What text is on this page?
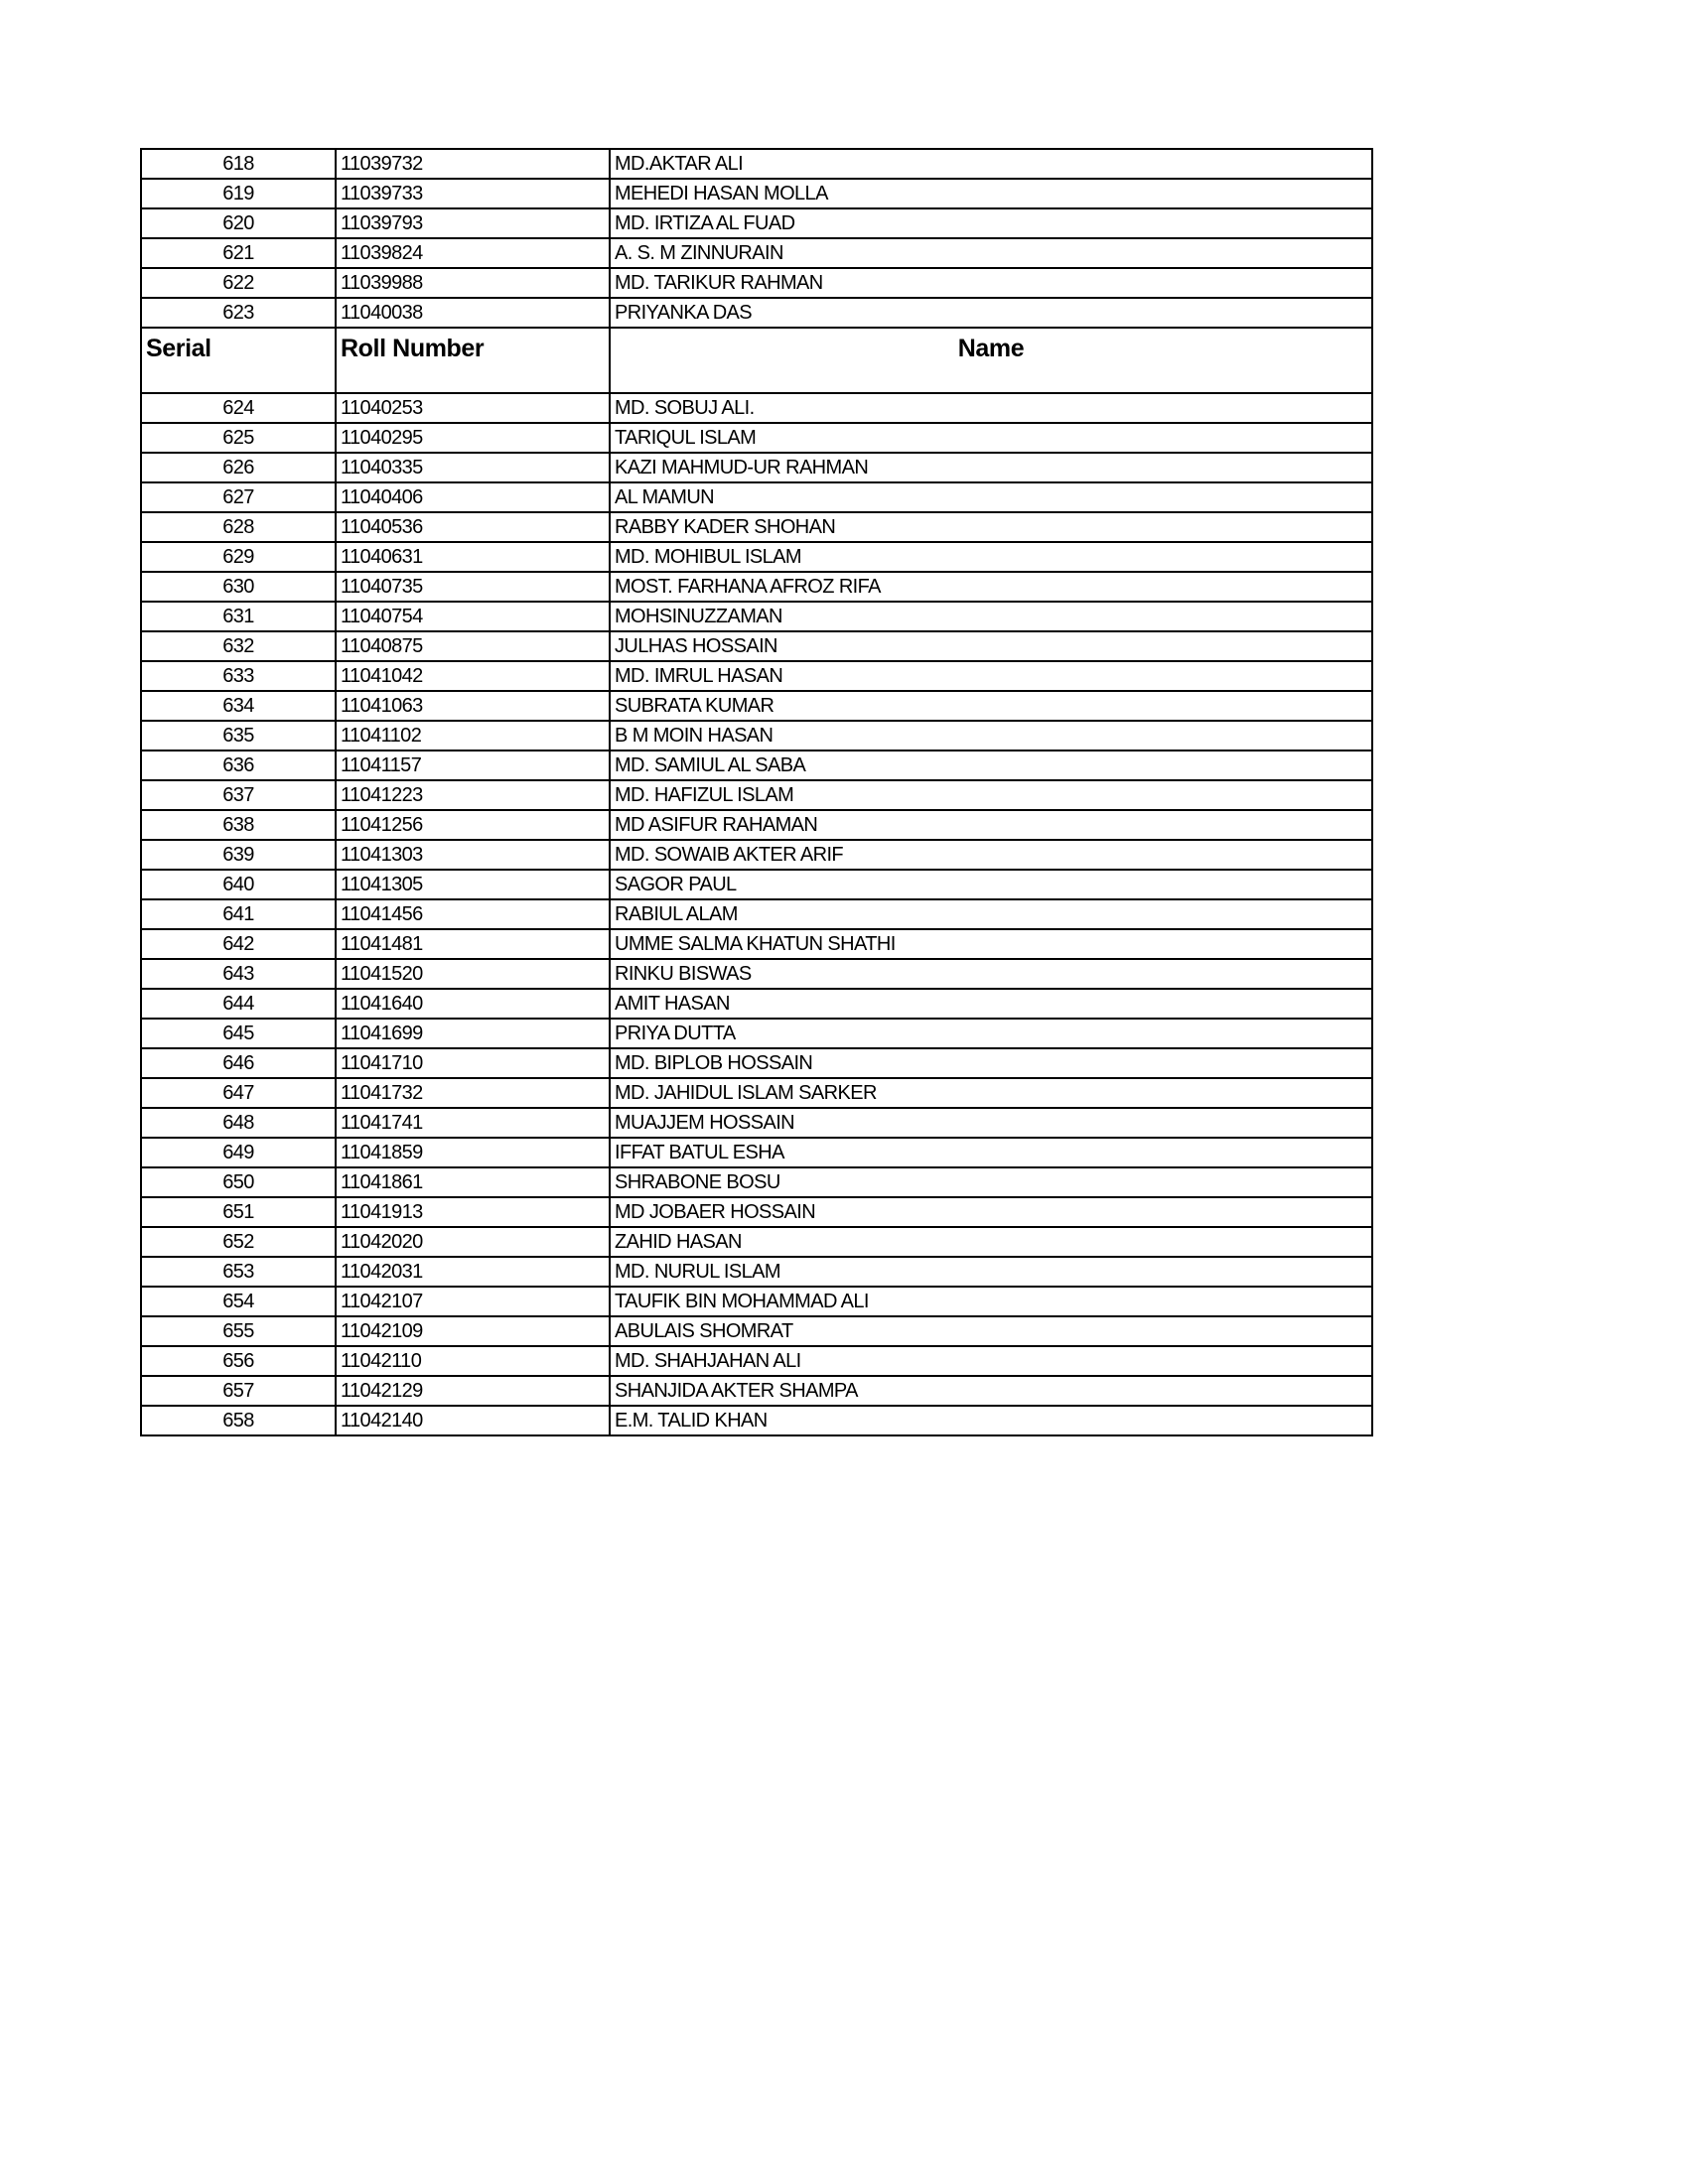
618	11039732	MD.AKTAR ALI
619	11039733	MEHEDI HASAN MOLLA
620	11039793	MD. IRTIZA AL FUAD
621	11039824	A. S. M ZINNURAIN
622	11039988	MD. TARIKUR RAHMAN
623	11040038	PRIYANKA DAS
Serial	Roll Number	Name
624	11040253	MD. SOBUJ ALI.
625	11040295	TARIQUL ISLAM
626	11040335	KAZI MAHMUD-UR RAHMAN
627	11040406	AL MAMUN
628	11040536	RABBY KADER SHOHAN
629	11040631	MD. MOHIBUL ISLAM
630	11040735	MOST. FARHANA AFROZ RIFA
631	11040754	MOHSINUZZAMAN
632	11040875	JULHAS HOSSAIN
633	11041042	MD. IMRUL HASAN
634	11041063	SUBRATA KUMAR
635	11041102	B M MOIN HASAN
636	11041157	MD. SAMIUL AL SABA
637	11041223	MD. HAFIZUL ISLAM
638	11041256	MD ASIFUR RAHAMAN
639	11041303	MD. SOWAIB AKTER ARIF
640	11041305	SAGOR PAUL
641	11041456	RABIUL ALAM
642	11041481	UMME SALMA KHATUN SHATHI
643	11041520	RINKU BISWAS
644	11041640	AMIT HASAN
645	11041699	PRIYA DUTTA
646	11041710	MD. BIPLOB HOSSAIN
647	11041732	MD. JAHIDUL ISLAM SARKER
648	11041741	MUAJJEM HOSSAIN
649	11041859	IFFAT BATUL ESHA
650	11041861	SHRABONE BOSU
651	11041913	MD JOBAER HOSSAIN
652	11042020	ZAHID HASAN
653	11042031	MD. NURUL ISLAM
654	11042107	TAUFIK BIN MOHAMMAD ALI
655	11042109	ABULAIS SHOMRAT
656	11042110	MD. SHAHJAHAN ALI
657	11042129	SHANJIDA AKTER SHAMPA
658	11042140	E.M. TALID KHAN
